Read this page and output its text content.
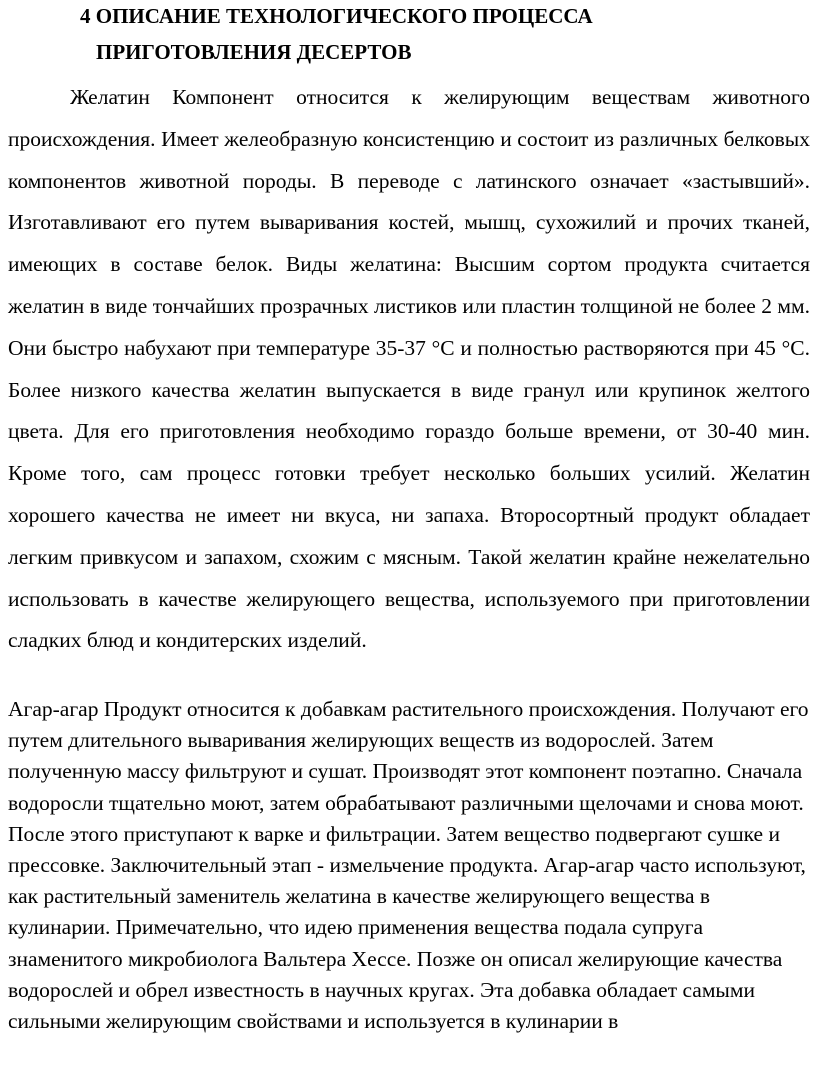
4 ОПИСАНИЕ ТЕХНОЛОГИЧЕСКОГО ПРОЦЕССА
ПРИГОТОВЛЕНИЯ ДЕСЕРТОВ

Желатин Компонент относится к желирующим веществам животного происхождения. Имеет желеобразную консистенцию и состоит из различных белковых компонентов животной породы. В переводе с латинского означает «застывший». Изготавливают его путем вываривания костей, мышц, сухожилий и прочих тканей, имеющих в составе белок. Виды желатина: Высшим сортом продукта считается желатин в виде тончайших прозрачных листиков или пластин толщиной не более 2 мм. Они быстро набухают при температуре 35-37 °С и полностью растворяются при 45 °С. Более низкого качества желатин выпускается в виде гранул или крупинок желтого цвета. Для его приготовления необходимо гораздо больше времени, от 30-40 мин. Кроме того, сам процесс готовки требует несколько больших усилий. Желатин хорошего качества не имеет ни вкуса, ни запаха. Второсортный продукт обладает легким привкусом и запахом, схожим с мясным. Такой желатин крайне нежелательно использовать в качестве желирующего вещества, используемого при приготовлении сладких блюд и кондитерских изделий.

Агар-агар Продукт относится к добавкам растительного происхождения. Получают его путем длительного вываривания желирующих веществ из водорослей. Затем полученную массу фильтруют и сушат. Производят этот компонент поэтапно. Сначала водоросли тщательно моют, затем обрабатывают различными щелочами и снова моют. После этого приступают к варке и фильтрации. Затем вещество подвергают сушке и прессовке. Заключительный этап - измельчение продукта. Агар-агар часто используют, как растительный заменитель желатина в качестве желирующего вещества в кулинарии. Примечательно, что идею применения вещества подала супруга знаменитого микробиолога Вальтера Хессе. Позже он описал желирующие качества водорослей и обрел известность в научных кругах. Эта добавка обладает самыми сильными желирующим свойствами и используется в кулинарии в
